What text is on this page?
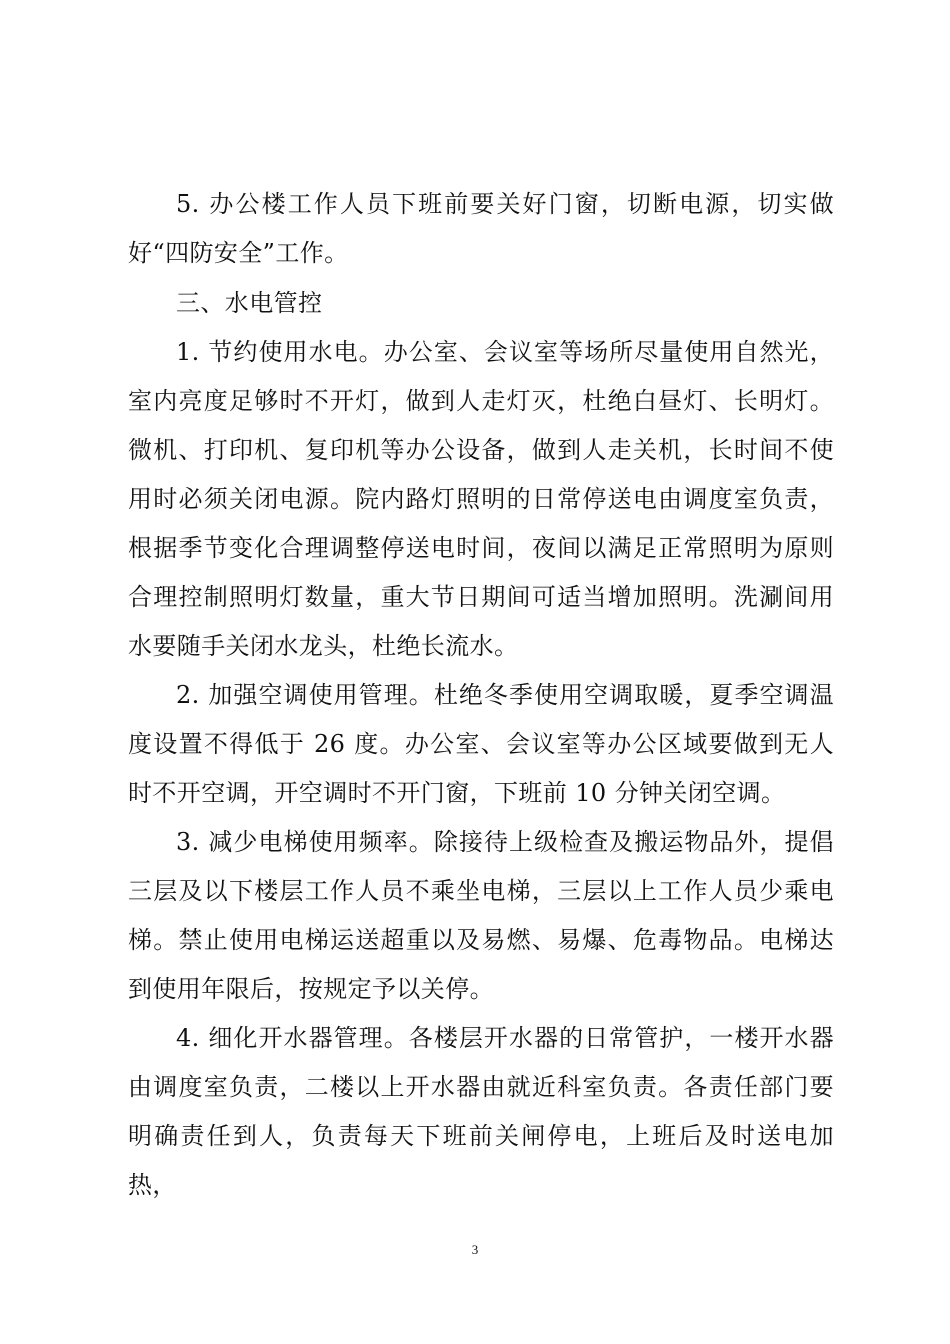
5. 办公楼工作人员下班前要关好门窗，切断电源，切实做好“四防安全”工作。

三、水电管控

1. 节约使用水电。办公室、会议室等场所尽量使用自然光，室内亮度足够时不开灯，做到人走灯灭，杜绝白昼灯、长明灯。微机、打印机、复印机等办公设备，做到人走关机，长时间不使用时必须关闭电源。院内路灯照明的日常停送电由调度室负责，根据季节变化合理调整停送电时间，夜间以满足正常照明为原则合理控制照明灯数量，重大节日期间可适当增加照明。洗涮间用水要随手关闭水龙头，杜绝长流水。

2. 加强空调使用管理。杜绝冬季使用空调取暖，夏季空调温度设置不得低于 26 度。办公室、会议室等办公区域要做到无人时不开空调，开空调时不开门窗，下班前 10 分钟关闭空调。

3. 减少电梯使用频率。除接待上级检查及搬运物品外，提倡三层及以下楼层工作人员不乘坐电梯，三层以上工作人员少乘电梯。禁止使用电梯运送超重以及易燃、易爆、危毒物品。电梯达到使用年限后，按规定予以关停。

4. 细化开水器管理。各楼层开水器的日常管护，一楼开水器由调度室负责，二楼以上开水器由就近科室负责。各责任部门要明确责任到人，负责每天下班前关闸停电，上班后及时送电加热，

3
